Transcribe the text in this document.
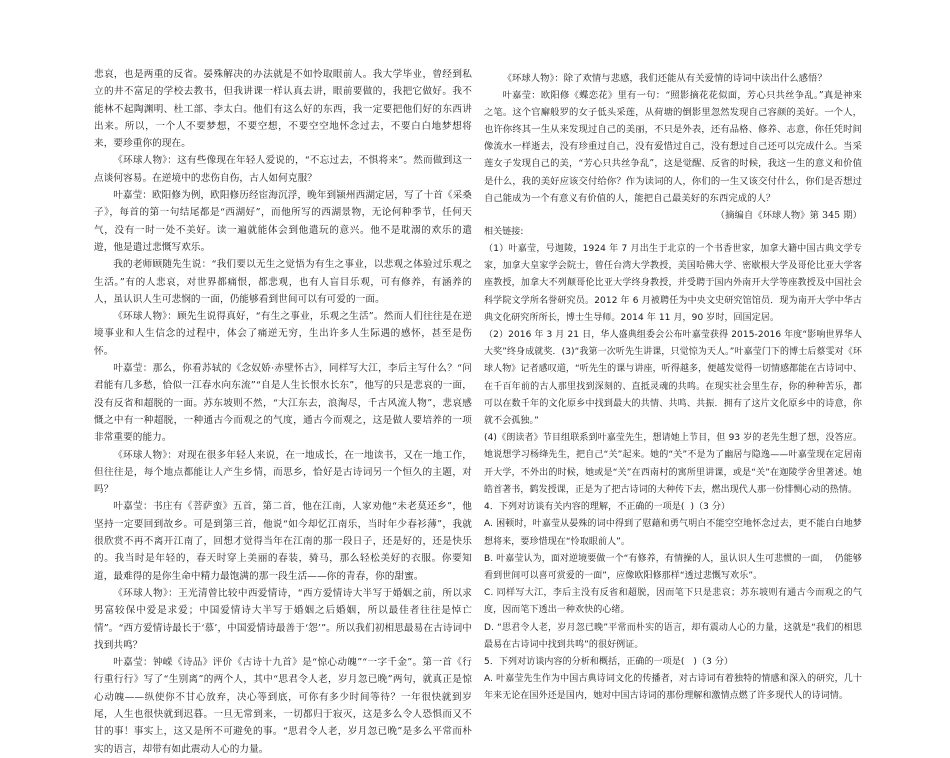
悲哀，也是两重的反省。晏殊解决的办法就是不如怜取眼前人。我大学毕业，曾经到私立的井不富足的学校去教书，但我讲课一样认真去讲，眼前要做的，我把它做好。我不能林不起陶渊明、杜工部、李太白。他们有这么好的东西，我一定要把他们好的东西讲出来。所以，一个人不要梦想，不要空想，不要空空地怀念过去，不要白白地梦想将来，要珍重你的现在。

《环球人物》：这有些像现在年轻人爱说的，“不忘过去，不惧将来”。然而做到这一点谈何容易。在逆境中的悲伤自伤，古人如何克服？

叶嘉莹：欧阳修为例，欧阳修历经宦海沉浮，晚年到颍州西湖定居，写了十首《采桑子》，每首的第一句结尾都是“西湖好”，而他所写的西湖景物，无论何种季节，任何天气，没有一时一处不美好。读一遍就能体会到他遣玩的意兴。他不是耽溺的欢乐的遣遊，他是遣过悲慨写欢乐。

我的老师顾随先生说：“我们要以无生之觉悟为有生之事业，以悲观之体验过乐观之生活。”有的人悲哀，对世界都痛恨，都悲观，也有人盲目乐观，可有修养，有涵养的人，虽认识人生可悲悯的一面，仍能够看到世间可以有可爱的一面。

《环球人物》：顾先生说得真好，“有生之事业，乐观之生活”。然而人们往往是在逆境事业和人生信念的过程中，体会了痛逆无穷，生出许多人生际遇的感怀，甚至是伤怀。

叶嘉莹：那么，你看苏轼的《念奴娇·赤壁怀古》，同样写大江，李后主写什么？“问君能有几多愁，恰似一江春水向东流”“自是人生长恨水长东”，他写的只是悲哀的一面，没有反省和超脱的一面。苏东坡则不然，“大江东去，浪淘尽，千古风流人物”，悲哀感慨之中有一种超脱，一种通古今而观之的气度，通古今而观之，这是做人要培养的一项非常重要的能力。

《环球人物》：对现在很多年轻人来说，在一地成长，在一地读书，又在一地工作，但往往是，每个地点都能让人产生乡情，而思乡，恰好是古诗词另一个恒久的主题，对吗？

叶嘉莹：书庄有《菩萨蛮》五首，第二首，他在江南，人家劝他“未老莫还乡”，他坚持一定要回到故乡。可是到第三首，他说“如今却忆江南乐，当时年少春衫薄”，我就很欣赏不再不离开江南了，回想才觉得当年在江南的那一段日子，还是好的，还是快乐的。我当时是年轻的，春天时穿上美丽的春装，骑马，那么轻松美好的衣服。你要知道，最难得的是你生命中精力最饱满的那一段生活——你的青春，你的甜蜜。

《环球人物》：王光清曾比较中西爱情诗，“西方爱情诗大半写于婚姻之前，所以求男富较保中爱是求爱；中国爱情诗大半写于婚姻之后婚姻，所以最佳者往往是悼亡情”。“西方爱情诗最长于‘慕’，中国爱情诗最善于‘怨’”。所以我们初相思最易在古诗词中找到共鸣？

叶嘉莹：钟嵘《诗品》评价《古诗十九首》是“惊心动魄”“一字千金”。第一首《行行重行行》写了“生别离”的两个人，其中“思君令人老，岁月忽已晚”两句，就真正是惊心动魄——纵使你不甘心放弃，决心等到底，可你有多少时间等待？一年很快就到岁尾，人生也很快就到迟暮。一旦无常到来，一切都归于寂灭，这是多么令人恐惧而又不甘的事！事实上，这又是所不可避免的事。“思君令人老，岁月忽已晚”是多么平常而朴实的语言，却带有如此震动人心的力量。

《环球人物》：除了欢情与悲感，我们还能从有关爱情的诗词中读出什么感悟？

叶嘉莹：欧阳修《蝶恋花》里有一句：“照影摘花花似面，芳心只共丝争乱。”真是神来之笔。这个官廨般罗的女子低头采莲，从荷塘的倒影里忽然发现自己容颜的美好。一个人，也许你终其一生从来发现过自己的美丽，不只是外表，还有品格、修养、志意，你任凭时间像流水一样逝去，没有珍重过自己，没有爱惜过自己，没有想过自己还可以完成什么。当采莲女子发现自己的美，“芳心只共丝争乱”，这是觉醒、反省的时候，我这一生的意义和价值是什么，我的美好应该交付给你？作为读词的人，你们的一生又该交付什么，你们是否想过自己能成为一个有意义有价值的人，能把自己最美好的东西完成的人？

（摘编自《环球人物》第 345 期）

相关链接:

（1）叶嘉莹，号迦陵，1924 年 7 月出生于北京的一个书香世家，加拿大籍中国古典文学专家，加拿大皇家学会院士，曾任台湾大学教授，美国哈佛大学、密歇根大学及哥伦比亚大学客座教授，加拿大不列颠哥伦比亚大学终身教授，并受聘于国内外南开大学等座教授及中国社会科学院文学所名誉研究员。2012 年 6 月被聘任为中央文史研究馆馆员．现为南开大学中华古典文化研究所所长，博士生导师。2014 年 11 月，90 岁时，回国定居。

（2）2016 年 3 月 21 日，华人盛典组委会公布叶嘉莹获得 2015-2016 年度“影响世界华人大奖”终身成就奖．(3)“我第一次听先生讲课，只觉惊为天人。”叶嘉莹门下的博士后蔡雯对《环球人物》记者感叹道，“听先生的课与讲座，听得越多，便越发觉得一切情感都能在古诗词中、在千百年前的古人那里找到深刻的、直抵灵魂的共鸣。在现实社会里生存，你的种种苦乐，都可以在数千年的文化原乡中找到最大的共情、共鸣、共振．拥有了这片文化原乡中的诗意，你就不会孤独。”

(4)《朗读者》节目组联系到叶嘉莹先生，想请她上节目，但 93 岁的老先生想了想，没答应。她说想学习杨绛先生，把自己“关”起来。她的“关”不是为了幽居与隐逸——叶嘉莹现在定居南开大学，不外出的时候，她或是“关”在西南村的寓所里讲课，或是“关”在迦陵学舍里著述。她皓首著书，鹤发授课，正是为了把古诗词的大种传下去，燃出现代人那一份悱恻心动的热情。

4．下列对访谈有关内容的理解，不正确的一项是(  )（3 分）

A. 困顿时，叶嘉莹从晏殊的词中得到了慰藉和勇气明白不能空空地怀念过去，更不能白白地梦想将来，要珍惜现在“怜取眼前人”。

B. 叶嘉莹认为，面对逆境要做一个“有修养，有情操的人，虽认识人生可悲惯的一面，  仍能够看到世间可以喜可赏爱的一面”，应像欧阳修那样“透过悲慨写欢乐”。

C. 同样写大江，李后主没有反省和超脱，因而笔下只是悲哀；苏东坡则有通古今而观之的气度，因而笔下透出一种欢快的心绪。

D. “思君令人老，岁月忽已晚”平常而朴实的语言，却有震动人心的力量，这就是“我们的相思最易在古诗词中找到共鸣”的很好例证。

5．下列对访谈内容的分析和概括，正确的一项是(   )（3 分）

A. 叶嘉莹先生作为中国古典诗词文化的传播者，对古诗词有着独特的情感和深入的研究，几十年来无论在国外还是国内，她对中国古诗词的那份理解和激情点燃了许多现代人的诗词情。
